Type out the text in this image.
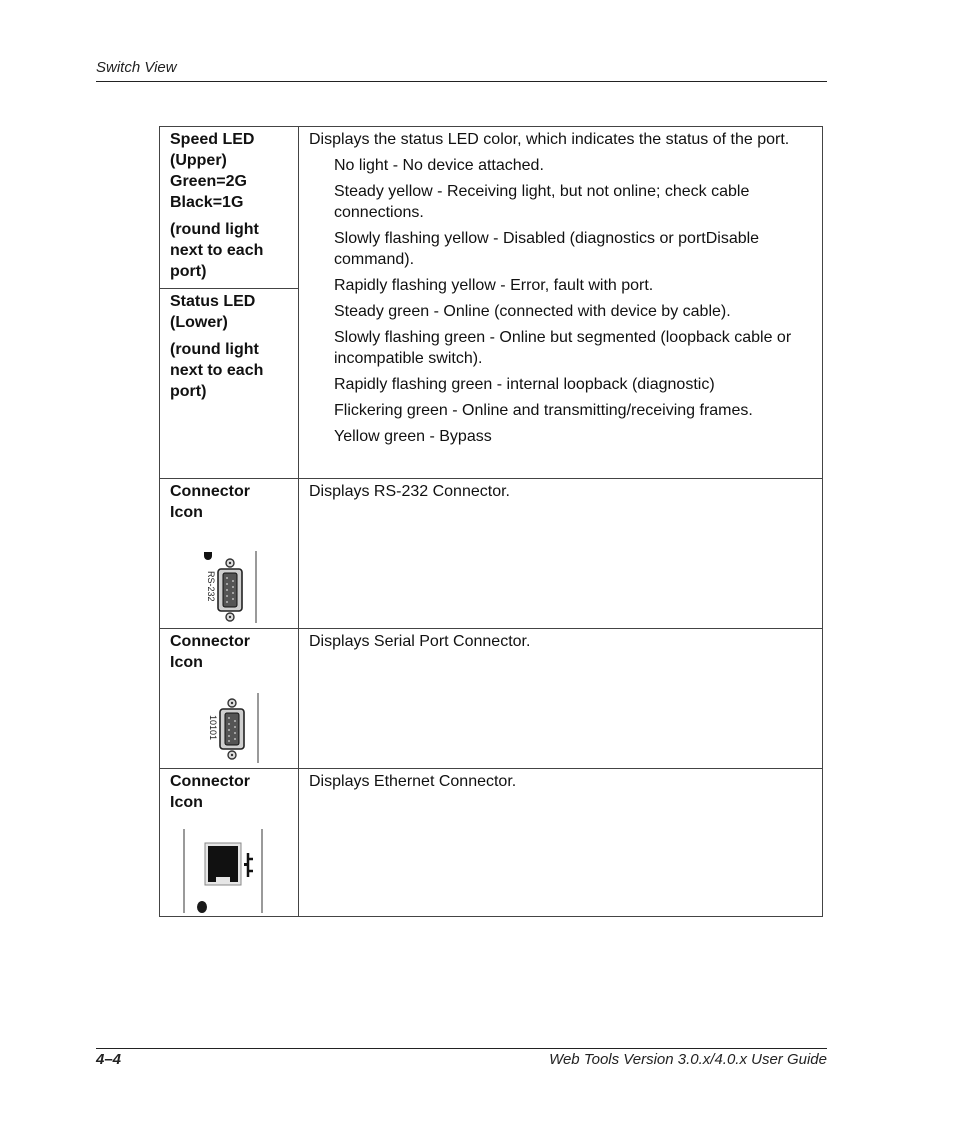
Switch View

Speed LED
(Upper)
Green=2G
Black=1G

(round light
next to each
port)

Status LED
(Lower)

(round light
next to each
port)

Displays the status LED color, which indicates the status of the port.

No light - No device attached.

Steady yellow - Receiving light, but not online; check cable connections.

Slowly flashing yellow - Disabled (diagnostics or portDisable command).

Rapidly flashing yellow - Error, fault with port.

Steady green - Online (connected with device by cable).

Slowly flashing green - Online but segmented (loopback cable or incompatible switch).

Rapidly flashing green - internal loopback (diagnostic)

Flickering green - Online and transmitting/receiving frames.

Yellow green - Bypass

Connector
Icon

RS-232

Displays RS-232 Connector.

Connector
Icon

10101

Displays Serial Port Connector.

Connector
Icon

Displays Ethernet Connector.

4–4	Web Tools Version 3.0.x/4.0.x User Guide
